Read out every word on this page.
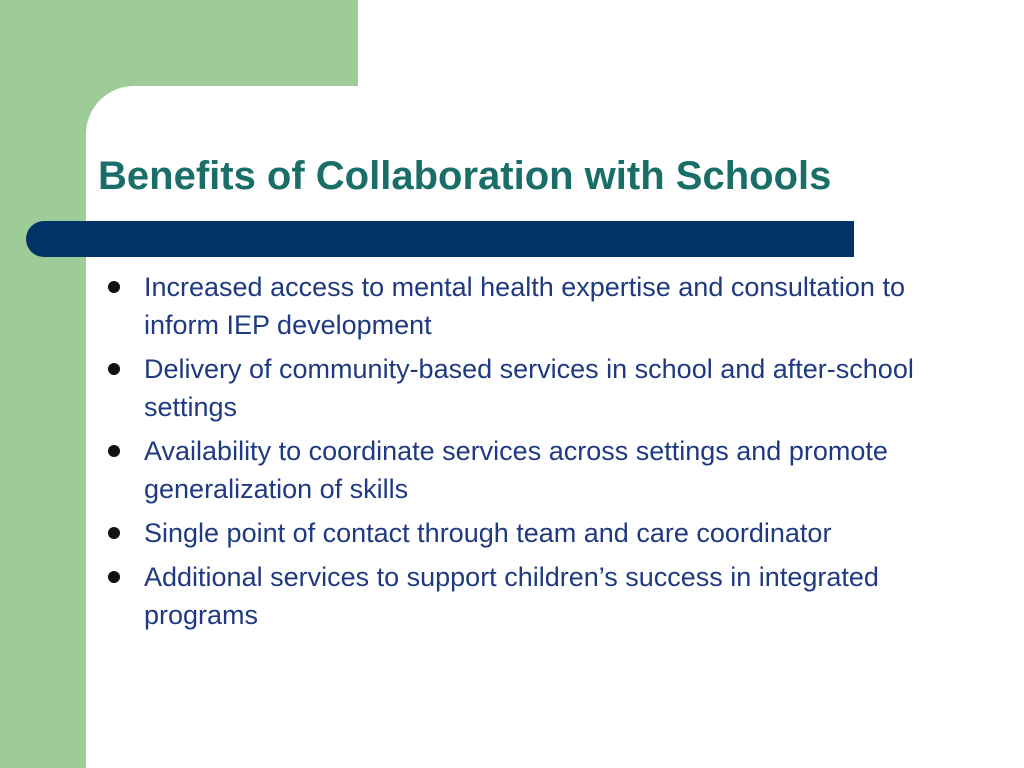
Benefits of Collaboration with Schools
Increased access to mental health expertise and consultation to inform IEP development
Delivery of community-based services in school and after-school settings
Availability to coordinate services across settings and promote generalization of skills
Single point of contact through team and care coordinator
Additional services to support children’s success in integrated programs
